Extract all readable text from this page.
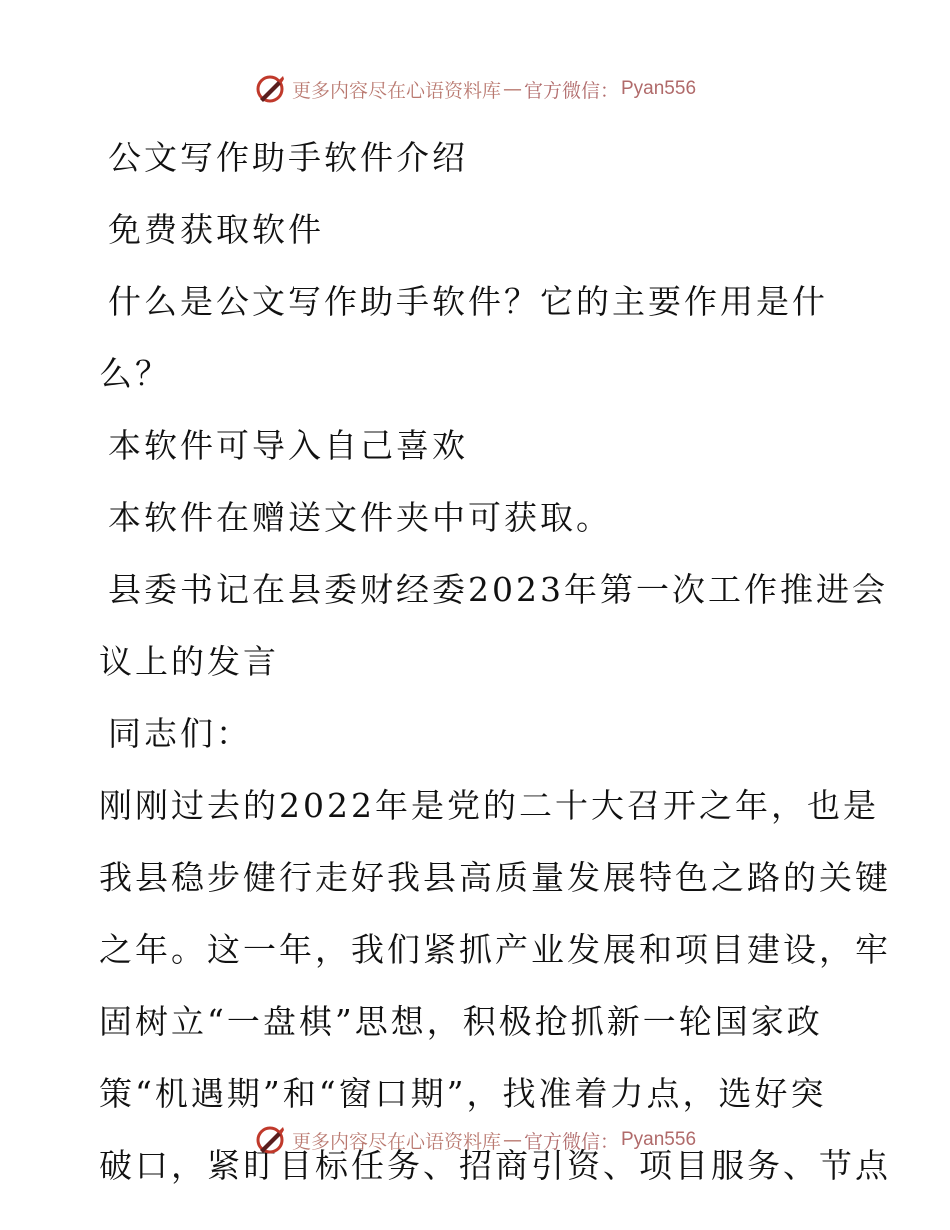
更多内容尽在心语资料库 — 官方微信： Pyan556
公文写作助手软件介绍
免费获取软件
什么是公文写作助手软件？它的主要作用是什
么？
本软件可导入自己喜欢
本软件在赠送文件夹中可获取。
县委书记在县委财经委2023年第一次工作推进会
议上的发言
同志们：
刚刚过去的2022年是党的二十大召开之年，也是
我县稳步健行走好我县高质量发展特色之路的关键
之年。这一年，我们紧抓产业发展和项目建设，牢
固树立“一盘棋”思想，积极抢抓新一轮国家政
策“机遇期”和“窗口期”，找准着力点，选好突
破口，紧盯目标任务、招商引资、项目服务、节点
更多内容尽在心语资料库 — 官方微信： Pyan556
